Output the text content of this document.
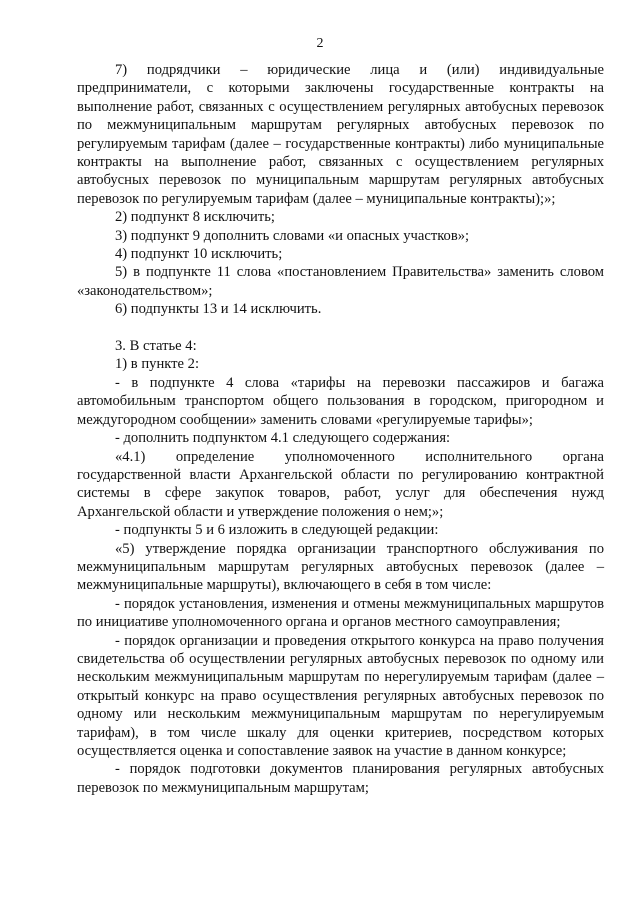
2

7) подрядчики – юридические лица и (или) индивидуальные предприниматели, с которыми заключены государственные контракты на выполнение работ, связанных с осуществлением регулярных автобусных перевозок по межмуниципальным маршрутам регулярных автобусных перевозок по регулируемым тарифам (далее – государственные контракты) либо муниципальные контракты на выполнение работ, связанных с осуществлением регулярных автобусных перевозок по муниципальным маршрутам регулярных автобусных перевозок по регулируемым тарифам (далее – муниципальные контракты);»;

2) подпункт 8 исключить;

3) подпункт 9 дополнить словами «и опасных участков»;

4) подпункт 10 исключить;

5) в подпункте 11 слова «постановлением Правительства» заменить словом «законодательством»;

6) подпункты 13 и 14 исключить.

3. В статье 4:

1) в пункте 2:

- в подпункте 4 слова «тарифы на перевозки пассажиров и багажа автомобильным транспортом общего пользования в городском, пригородном и междугородном сообщении» заменить словами «регулируемые тарифы»;

- дополнить подпунктом 4.1 следующего содержания:

«4.1) определение уполномоченного исполнительного органа государственной власти Архангельской области по регулированию контрактной системы в сфере закупок товаров, работ, услуг для обеспечения нужд Архангельской области и утверждение положения о нем;»;

- подпункты 5 и 6 изложить в следующей редакции:

«5) утверждение порядка организации транспортного обслуживания по межмуниципальным маршрутам регулярных автобусных перевозок (далее – межмуниципальные маршруты), включающего в себя в том числе:

- порядок установления, изменения и отмены межмуниципальных маршрутов по инициативе уполномоченного органа и органов местного самоуправления;

- порядок организации и проведения открытого конкурса на право получения свидетельства об осуществлении регулярных автобусных перевозок по одному или нескольким межмуниципальным маршрутам по нерегулируемым тарифам (далее – открытый конкурс на право осуществления регулярных автобусных перевозок по одному или нескольким межмуниципальным маршрутам по нерегулируемым тарифам), в том числе шкалу для оценки критериев, посредством которых осуществляется оценка и сопоставление заявок на участие в данном конкурсе;

- порядок подготовки документов планирования регулярных автобусных перевозок по межмуниципальным маршрутам;
